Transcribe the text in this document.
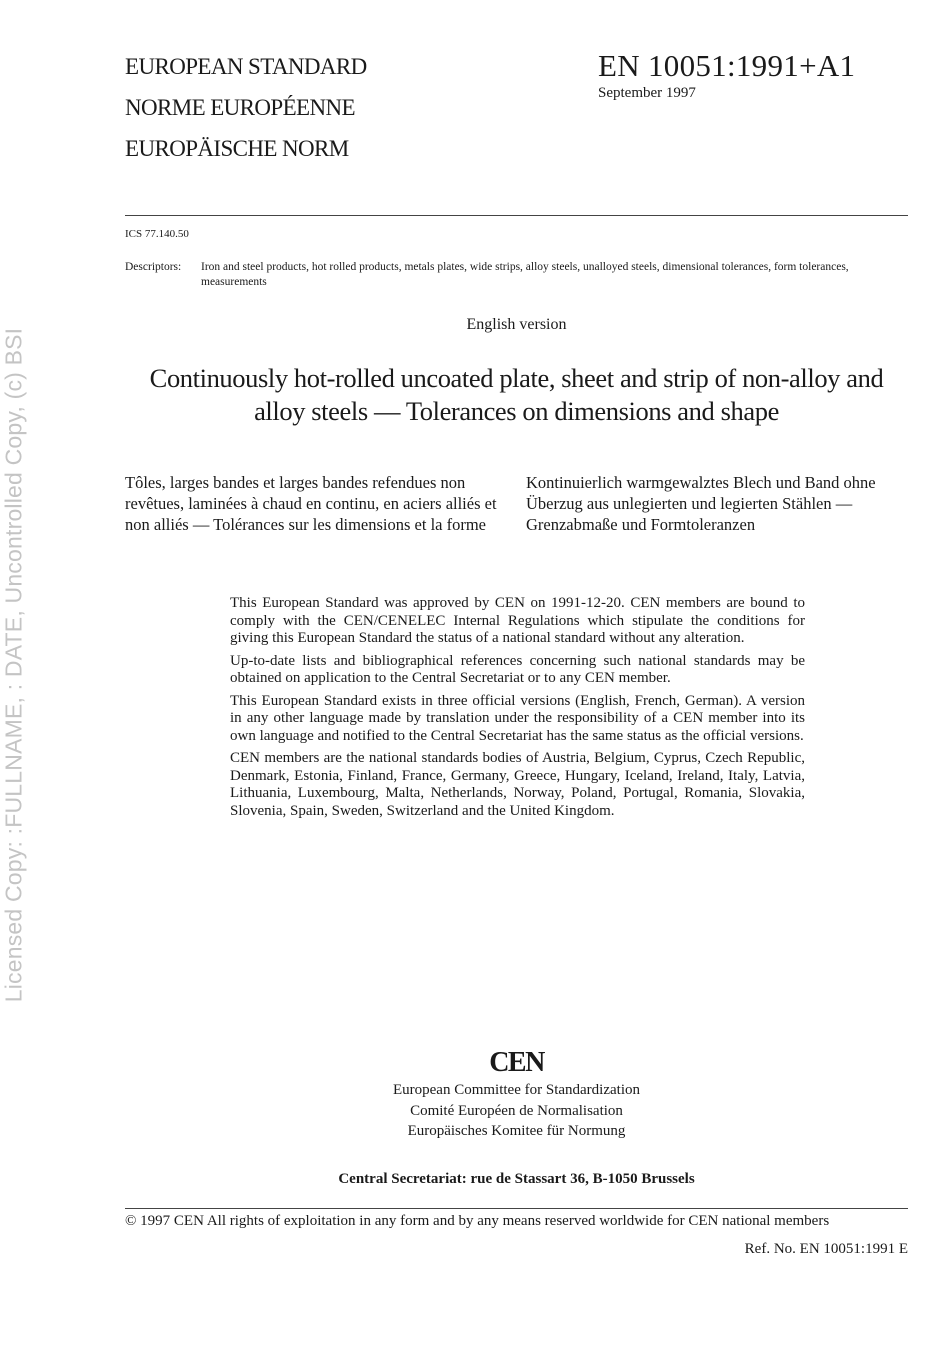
Licensed Copy: :FULLNAME, : DATE, Uncontrolled Copy, (c) BSI
EUROPEAN STANDARD
NORME EUROPÉENNE
EUROPÄISCHE NORM
EN 10051:1991+A1
September 1997
ICS 77.140.50
Descriptors:	Iron and steel products, hot rolled products, metals plates, wide strips, alloy steels, unalloyed steels, dimensional tolerances, form tolerances, measurements
English version
Continuously hot-rolled uncoated plate, sheet and strip of non-alloy and alloy steels — Tolerances on dimensions and shape
Tôles, larges bandes et larges bandes refendues non revêtues, laminées à chaud en continu, en aciers alliés et non alliés — Tolérances sur les dimensions et la forme
Kontinuierlich warmgewalztes Blech und Band ohne Überzug aus unlegierten und legierten Stählen — Grenzabmaße und Formtoleranzen

This European Standard was approved by CEN on 1991-12-20. CEN members are bound to comply with the CEN/CENELEC Internal Regulations which stipulate the conditions for giving this European Standard the status of a national standard without any alteration.

Up-to-date lists and bibliographical references concerning such national standards may be obtained on application to the Central Secretariat or to any CEN member.

This European Standard exists in three official versions (English, French, German). A version in any other language made by translation under the responsibility of a CEN member into its own language and notified to the Central Secretariat has the same status as the official versions.

CEN members are the national standards bodies of Austria, Belgium, Cyprus, Czech Republic, Denmark, Estonia, Finland, France, Germany, Greece, Hungary, Iceland, Ireland, Italy, Latvia, Lithuania, Luxembourg, Malta, Netherlands, Norway, Poland, Portugal, Romania, Slovakia, Slovenia, Spain, Sweden, Switzerland and the United Kingdom.

CEN
European Committee for Standardization
Comité Européen de Normalisation
Europäisches Komitee für Normung
Central Secretariat: rue de Stassart 36, B-1050 Brussels
© 1997 CEN All rights of exploitation in any form and by any means reserved worldwide for CEN national members
Ref. No. EN 10051:1991 E
